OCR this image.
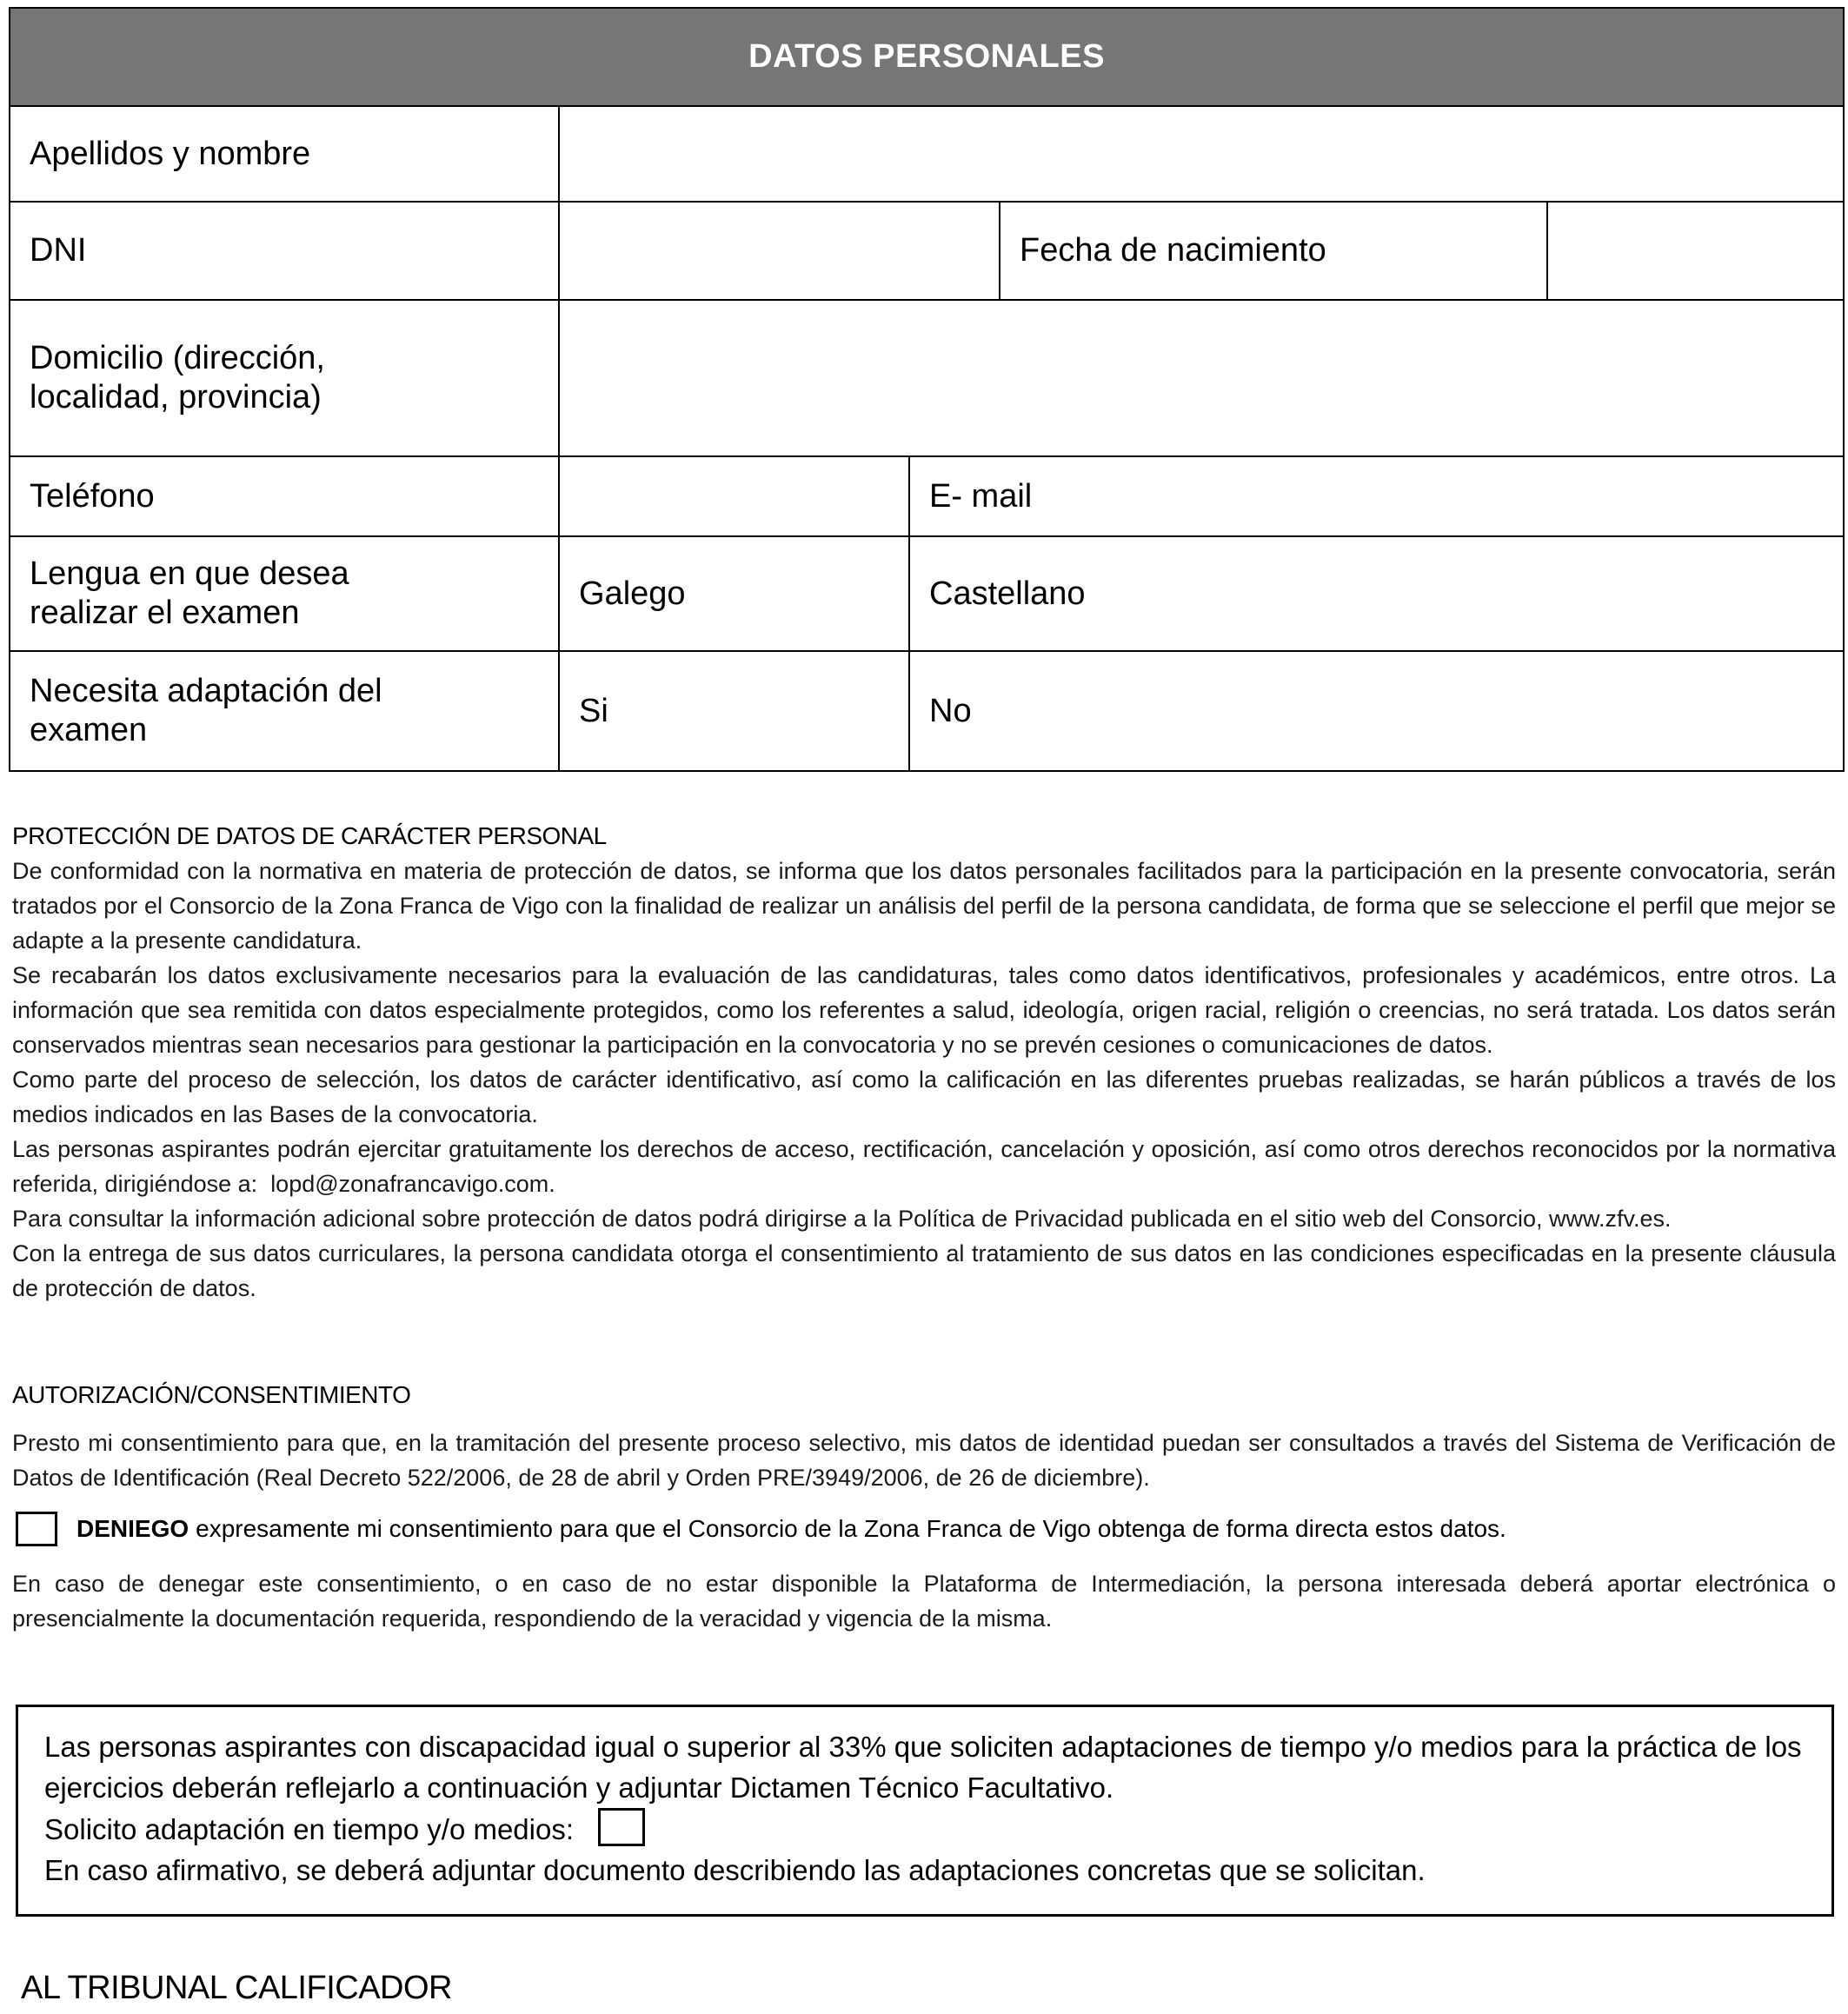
DATOS PERSONALES				
Apellidos y nombre				
DNI			Fecha de nacimiento	
Domicilio (dirección,
localidad, provincia)				
Teléfono		E- mail		
Lengua en que desea
realizar el examen	Galego	Castellano		
Necesita adaptación del
examen	Si	No		
PROTECCIÓN DE DATOS DE CARÁCTER PERSONAL

De conformidad con la normativa en materia de protección de datos, se informa que los datos personales facilitados para la participación en la presente convocatoria, serán tratados por el Consorcio de la Zona Franca de Vigo con la finalidad de realizar un análisis del perfil de la persona candidata, de forma que se seleccione el perfil que mejor se adapte a la presente candidatura.

Se recabarán los datos exclusivamente necesarios para la evaluación de las candidaturas, tales como datos identificativos, profesionales y académicos, entre otros. La información que sea remitida con datos especialmente protegidos, como los referentes a salud, ideología, origen racial, religión o creencias, no será tratada. Los datos serán conservados mientras sean necesarios para gestionar la participación en la convocatoria y no se prevén cesiones o comunicaciones de datos.

Como parte del proceso de selección, los datos de carácter identificativo, así como la calificación en las diferentes pruebas realizadas, se harán públicos a través de los medios indicados en las Bases de la convocatoria.

Las personas aspirantes podrán ejercitar gratuitamente los derechos de acceso, rectificación, cancelación y oposición, así como otros derechos reconocidos por la normativa referida, dirigiéndose a: lopd@zonafrancavigo.com.

Para consultar la información adicional sobre protección de datos podrá dirigirse a la Política de Privacidad publicada en el sitio web del Consorcio, www.zfv.es.

Con la entrega de sus datos curriculares, la persona candidata otorga el consentimiento al tratamiento de sus datos en las condiciones especificadas en la presente cláusula de protección de datos.

AUTORIZACIÓN/CONSENTIMIENTO
Presto mi consentimiento para que, en la tramitación del presente proceso selectivo, mis datos de identidad puedan ser consultados a través del Sistema de Verificación de Datos de Identificación (Real Decreto 522/2006, de 28 de abril y Orden PRE/3949/2006, de 26 de diciembre).
DENIEGO expresamente mi consentimiento para que el Consorcio de la Zona Franca de Vigo obtenga de forma directa estos datos.
En caso de denegar este consentimiento, o en caso de no estar disponible la Plataforma de Intermediación, la persona interesada deberá aportar electrónica o presencialmente la documentación requerida, respondiendo de la veracidad y vigencia de la misma.

Las personas aspirantes con discapacidad igual o superior al 33% que soliciten adaptaciones de tiempo y/o medios para la práctica de los ejercicios deberán reflejarlo a continuación y adjuntar Dictamen Técnico Facultativo.

Solicito adaptación en tiempo y/o medios:

En caso afirmativo, se deberá adjuntar documento describiendo las adaptaciones concretas que se solicitan.

AL TRIBUNAL CALIFICADOR
